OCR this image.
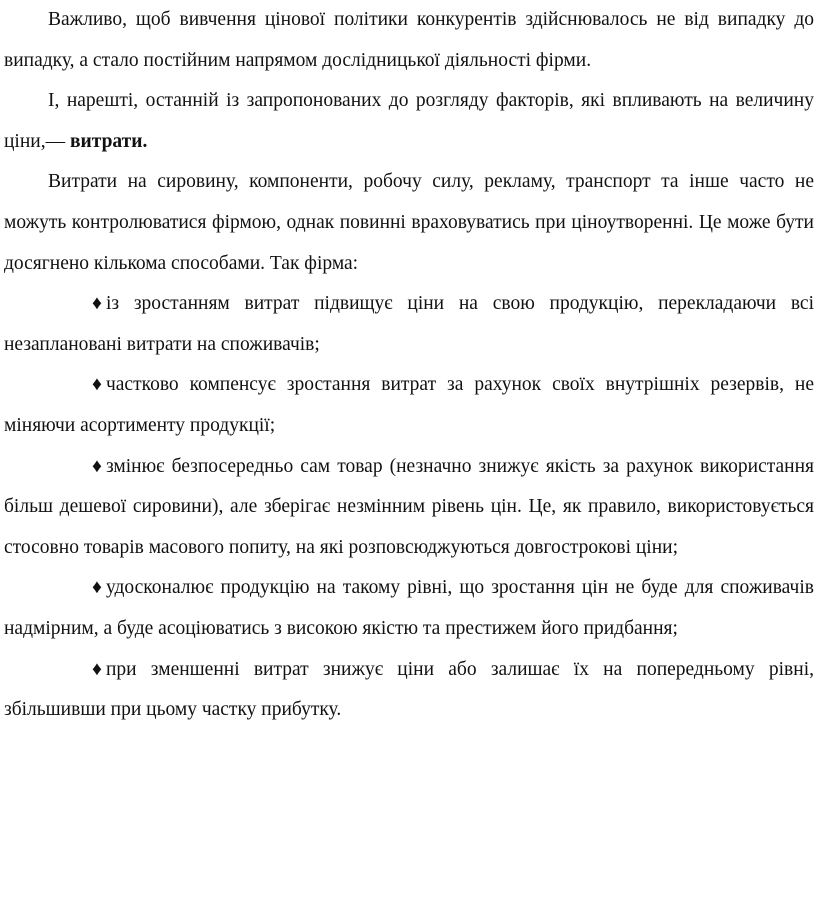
Важливо, щоб вивчення цінової політики конкурентів здійснювалось не від випадку до випадку, а стало постійним напрямом дослідницької діяльності фірми.

І, нарешті, останній із запропонованих до розгляду факторів, які впливають на величину ціни,— витрати.

Витрати на сировину, компоненти, робочу силу, рекламу, транспорт та інше часто не можуть контролюватися фірмою, однак повинні враховуватись при ціноутворенні. Це може бути досягнено кількома способами. Так фірма:

♦ із зростанням витрат підвищує ціни на свою продукцію, перекладаючи всі незаплановані витрати на споживачів;

♦ частково компенсує зростання витрат за рахунок своїх внутрішніх резервів, не міняючи асортименту продукції;

♦ змінює безпосередньо сам товар (незначно знижує якість за рахунок використання більш дешевої сировини), але зберігає незмінним рівень цін. Це, як правило, використовується стосовно товарів масового попиту, на які розповсюджуються довгострокові ціни;

♦ удосконалює продукцію на такому рівні, що зростання цін не буде для споживачів надмірним, а буде асоціюватись з високою якістю та престижем його придбання;

♦ при зменшенні витрат знижує ціни або залишає їх на попередньому рівні, збільшивши при цьому частку прибутку.
